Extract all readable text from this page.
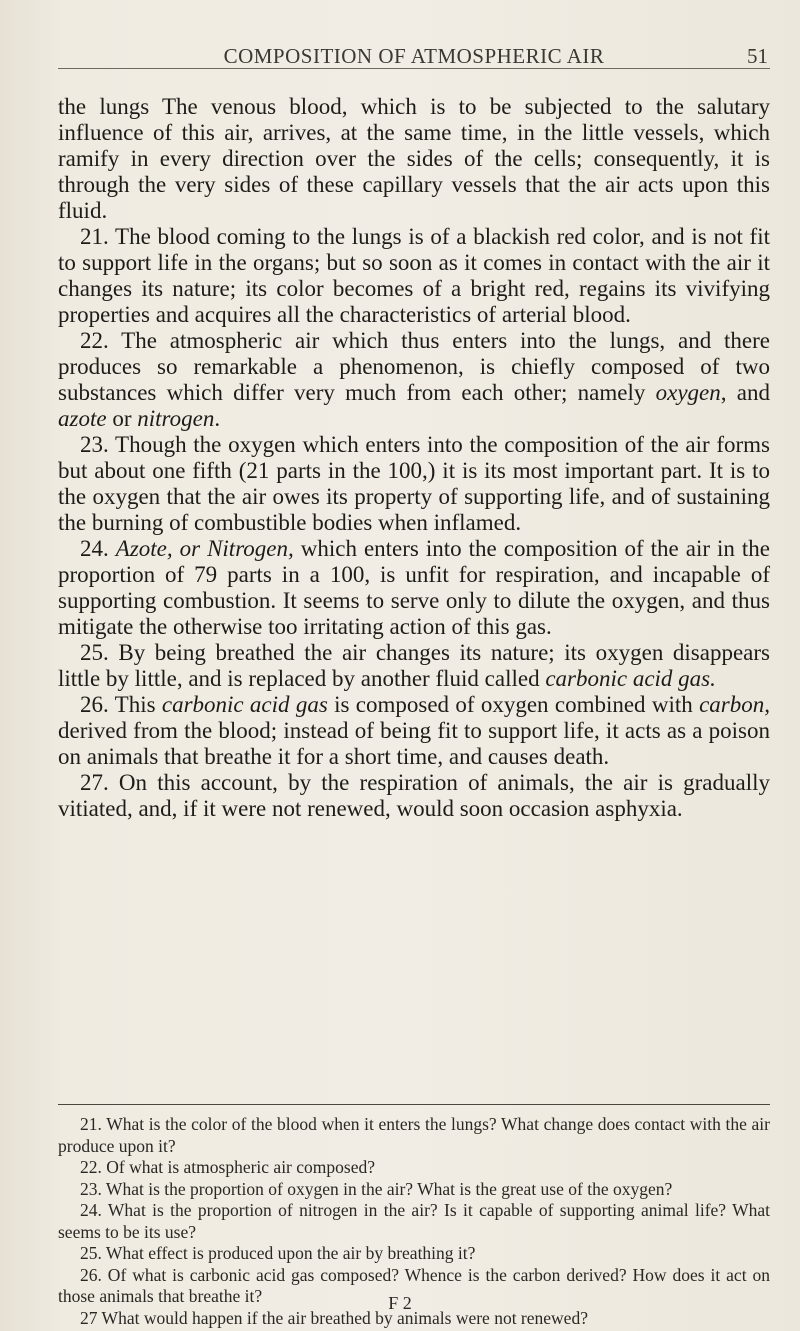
COMPOSITION OF ATMOSPHERIC AIR	51

the lungs The venous blood, which is to be subjected to the salutary influence of this air, arrives, at the same time, in the little vessels, which ramify in every direction over the sides of the cells; consequently, it is through the very sides of these capillary vessels that the air acts upon this fluid.

21. The blood coming to the lungs is of a blackish red color, and is not fit to support life in the organs; but so soon as it comes in contact with the air it changes its nature; its color becomes of a bright red, regains its vivifying properties and acquires all the characteristics of arterial blood.

22. The atmospheric air which thus enters into the lungs, and there produces so remarkable a phenomenon, is chiefly composed of two substances which differ very much from each other; namely oxygen, and azote or nitrogen.

23. Though the oxygen which enters into the composition of the air forms but about one fifth (21 parts in the 100,) it is its most important part. It is to the oxygen that the air owes its property of supporting life, and of sustaining the burning of combustible bodies when inflamed.

24. Azote, or Nitrogen, which enters into the composition of the air in the proportion of 79 parts in a 100, is unfit for respiration, and incapable of supporting combustion. It seems to serve only to dilute the oxygen, and thus mitigate the otherwise too irritating action of this gas.

25. By being breathed the air changes its nature; its oxygen disappears little by little, and is replaced by another fluid called carbonic acid gas.

26. This carbonic acid gas is composed of oxygen combined with carbon, derived from the blood; instead of being fit to support life, it acts as a poison on animals that breathe it for a short time, and causes death.

27. On this account, by the respiration of animals, the air is gradually vitiated, and, if it were not renewed, would soon occasion asphyxia.

21. What is the color of the blood when it enters the lungs? What change does contact with the air produce upon it?

22. Of what is atmospheric air composed?

23. What is the proportion of oxygen in the air? What is the great use of the oxygen?

24. What is the proportion of nitrogen in the air? Is it capable of supporting animal life? What seems to be its use?

25. What effect is produced upon the air by breathing it?

26. Of what is carbonic acid gas composed? Whence is the carbon derived? How does it act on those animals that breathe it?

27 What would happen if the air breathed by animals were not renewed?

F 2
